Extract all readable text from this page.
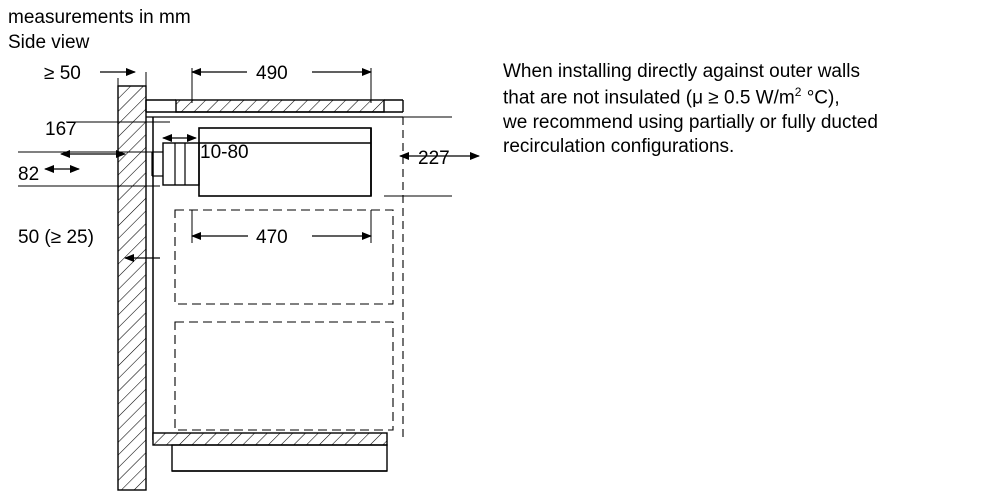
measurements in mm
Side view
When installing directly against outer walls
that are not insulated (μ ≥ 0.5 $W/m^2$ °C),
we recommend using partially or fully ducted
recirculation configurations.
≥ 50	490
167
82
10-80	227
50 (≥ 25)	470
